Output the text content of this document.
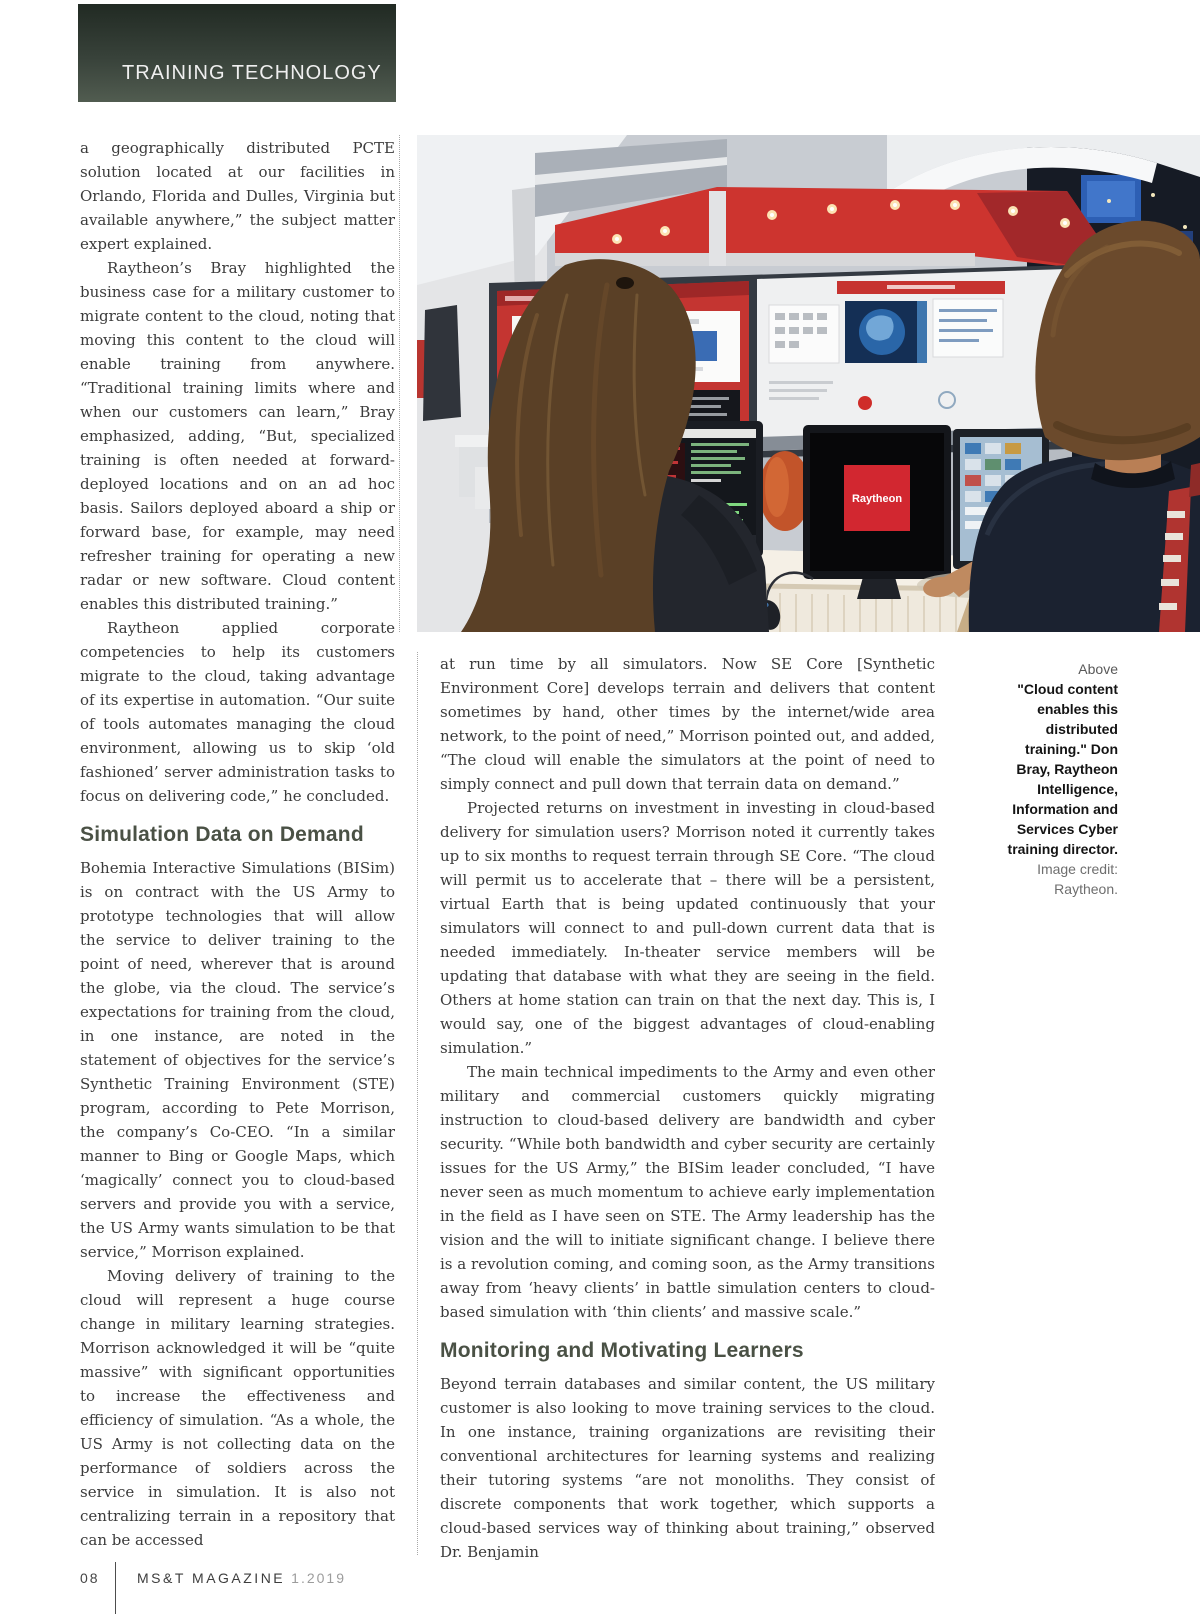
TRAINING TECHNOLOGY

a geographically distributed PCTE solution located at our facilities in Orlando, Florida and Dulles, Virginia but available anywhere,” the subject matter expert explained.

Raytheon’s Bray highlighted the business case for a military customer to migrate content to the cloud, noting that moving this content to the cloud will enable training from anywhere. “Traditional training limits where and when our customers can learn,” Bray emphasized, adding, “But, specialized training is often needed at forward-deployed locations and on an ad hoc basis. Sailors deployed aboard a ship or forward base, for example, may need refresher training for operating a new radar or new software. Cloud content enables this distributed training.”

Raytheon applied corporate competencies to help its customers migrate to the cloud, taking advantage of its expertise in automation. “Our suite of tools automates managing the cloud environment, allowing us to skip ‘old fashioned’ server administration tasks to focus on delivering code,” he concluded.

Simulation Data on Demand

Bohemia Interactive Simulations (BISim) is on contract with the US Army to prototype technologies that will allow the service to deliver training to the point of need, wherever that is around the globe, via the cloud. The service’s expectations for training from the cloud, in one instance, are noted in the statement of objectives for the service’s Synthetic Training Environment (STE) program, according to Pete Morrison, the company’s Co-CEO. “In a similar manner to Bing or Google Maps, which ‘magically’ connect you to cloud-based servers and provide you with a service, the US Army wants simulation to be that service,” Morrison explained.

Moving delivery of training to the cloud will represent a huge course change in military learning strategies. Morrison acknowledged it will be “quite massive” with significant opportunities to increase the effectiveness and efficiency of simulation. “As a whole, the US Army is not collecting data on the performance of soldiers across the service in simulation. It is also not centralizing terrain in a repository that can be accessed

Raytheon
Above
"Cloud content enables this distributed training." Don Bray, Raytheon Intelligence, Information and Services Cyber training director.
Image credit: Raytheon.

at run time by all simulators. Now SE Core [Synthetic Environment Core] develops terrain and delivers that content sometimes by hand, other times by the internet/wide area network, to the point of need,” Morrison pointed out, and added, “The cloud will enable the simulators at the point of need to simply connect and pull down that terrain data on demand.”

Projected returns on investment in investing in cloud-based delivery for simulation users? Morrison noted it currently takes up to six months to request terrain through SE Core. “The cloud will permit us to accelerate that – there will be a persistent, virtual Earth that is being updated continuously that your simulators will connect to and pull-down current data that is needed immediately. In-theater service members will be updating that database with what they are seeing in the field. Others at home station can train on that the next day. This is, I would say, one of the biggest advantages of cloud-enabling simulation.”

The main technical impediments to the Army and even other military and commercial customers quickly migrating instruction to cloud-based delivery are bandwidth and cyber security. “While both bandwidth and cyber security are certainly issues for the US Army,” the BISim leader concluded, “I have never seen as much momentum to achieve early implementation in the field as I have seen on STE. The Army leadership has the vision and the will to initiate significant change. I believe there is a revolution coming, and coming soon, as the Army transitions away from ‘heavy clients’ in battle simulation centers to cloud-based simulation with ‘thin clients’ and massive scale.”

Monitoring and Motivating Learners

Beyond terrain databases and similar content, the US military customer is also looking to move training services to the cloud. In one instance, training organizations are revisiting their conventional architectures for learning systems and realizing their tutoring systems “are not monoliths. They consist of discrete components that work together, which supports a cloud-based services way of thinking about training,” observed Dr. Benjamin

08	MS&T MAGAZINE 1.2019
